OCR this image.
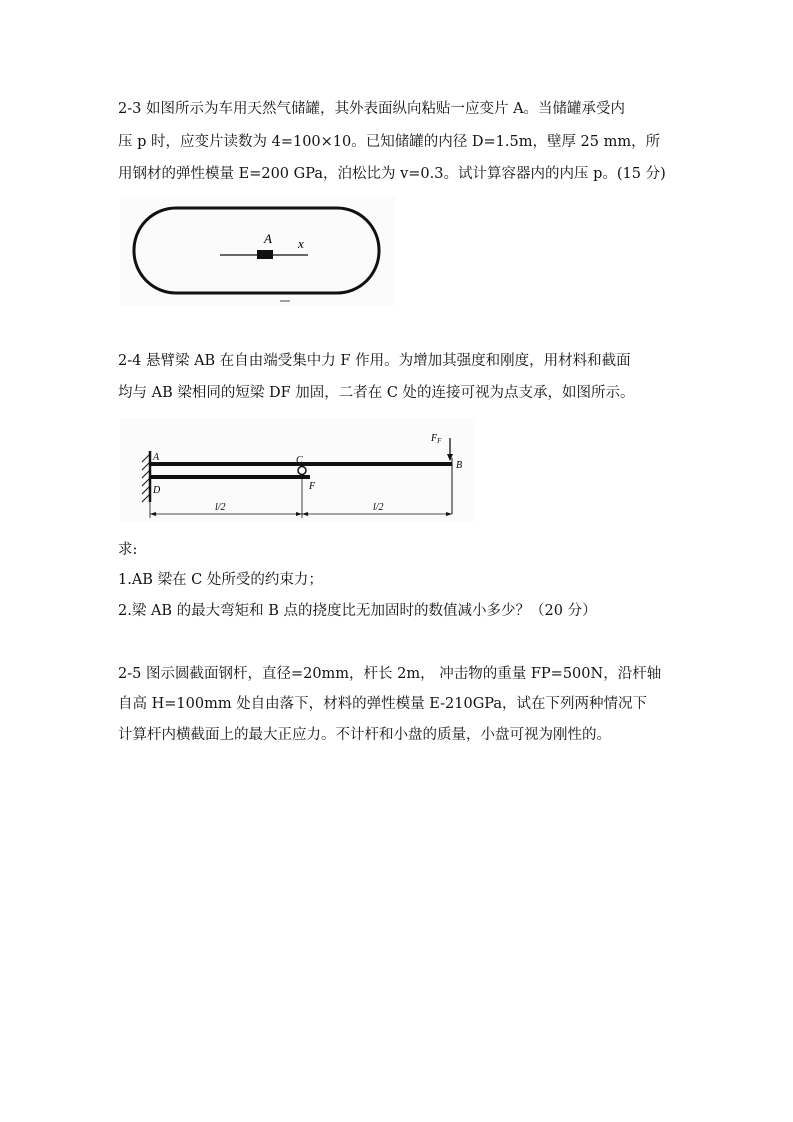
2-3 如图所示为车用天然气储罐，其外表面纵向粘贴一应变片 A。当储罐承受内
压 p 时，应变片读数为 4=100×10。已知储罐的内径 D=1.5m，壁厚 25 mm，所
用钢材的弹性模量 E=200 GPa，泊松比为 v=0.3。试计算容器内的内压 p。(15 分)
A x
2-4 悬臂梁 AB 在自由端受集中力 F 作用。为增加其强度和刚度，用材料和截面
均与 AB 梁相同的短梁 DF 加固，二者在 C 处的连接可视为点支承，如图所示。
A
D
C
F
B
$F_F$
l/2	l/2
求:
1.AB 梁在 C 处所受的约束力；
2.梁 AB 的最大弯矩和 B 点的挠度比无加固时的数值减小多少？（20 分）
2-5 图示圆截面钢杆，直径=20mm，杆长 2m， 冲击物的重量 FP=500N，沿杆轴
自高 H=100mm 处自由落下，材料的弹性模量 E-210GPa，试在下列两种情况下
计算杆内横截面上的最大正应力。不计杆和小盘的质量，小盘可视为刚性的。
